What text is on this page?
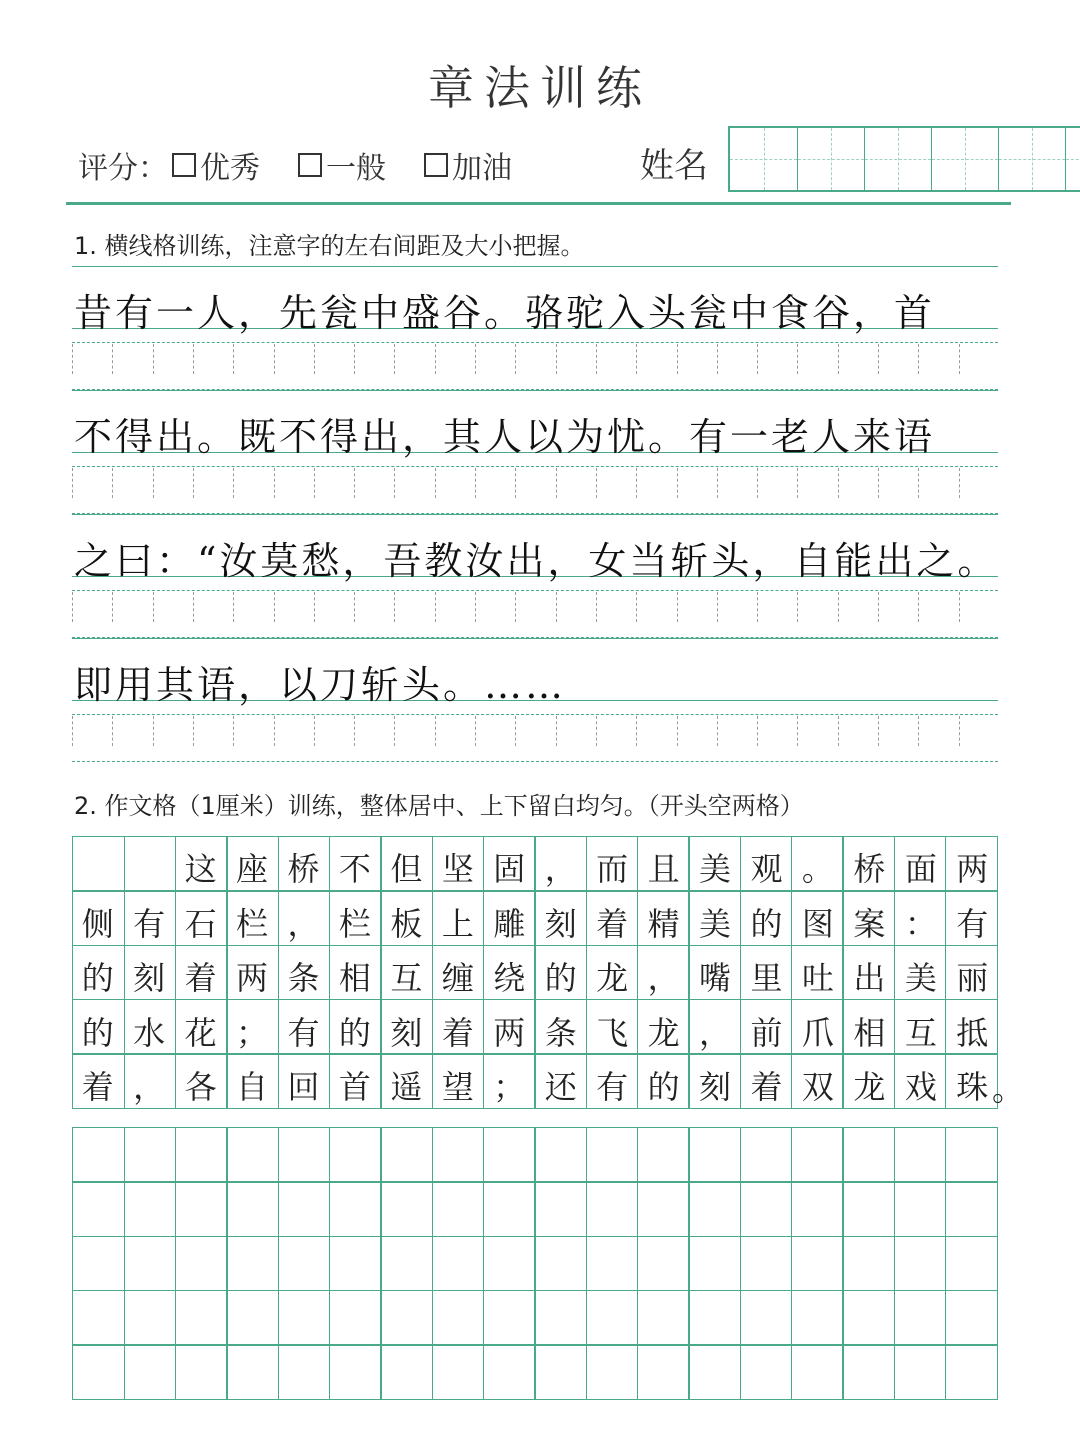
章法训练
评分： 优秀 一般 加油	姓名
1. 横线格训练，注意字的左右间距及大小把握。
昔有一人，先瓮中盛谷。骆驼入头瓮中食谷，首
不得出。既不得出，其人以为忧。有一老人来语
之曰：“汝莫愁，吾教汝出，女当斩头，自能出之。
即用其语，以刀斩头。……
2. 作文格（1厘米）训练，整体居中、上下留白均匀。（开头空两格）
这 座 桥 不 但 坚 固 ， 而 且 美 观 。 桥 面 两
侧 有 石 栏 ， 栏 板 上 雕 刻 着 精 美 的 图 案 ： 有
的 刻 着 两 条 相 互 缠 绕 的 龙 ， 嘴 里 吐 出 美 丽
的 水 花 ； 有 的 刻 着 两 条 飞 龙 ， 前 爪 相 互 抵
着 ， 各 自 回 首 遥 望 ； 还 有 的 刻 着 双 龙 戏 珠 。
